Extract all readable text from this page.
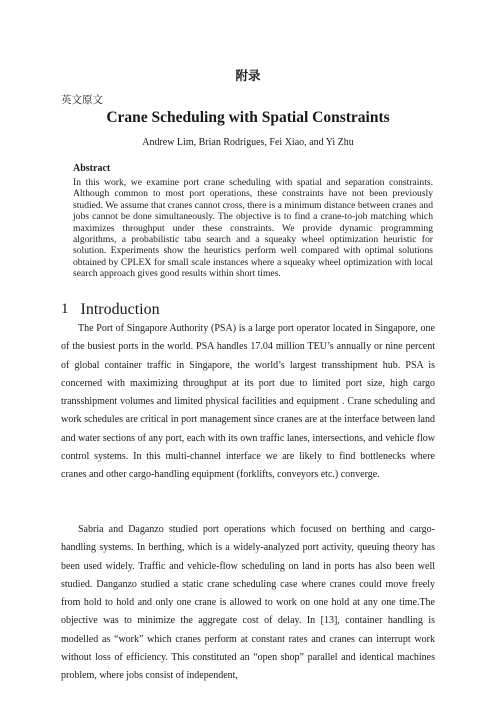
附录
英文原文
Crane Scheduling with Spatial Constraints
Andrew Lim, Brian Rodrigues, Fei Xiao, and Yi Zhu
Abstract

In this work, we examine port crane scheduling with spatial and separation constraints. Although common to most port operations, these constraints have not been previously studied. We assume that cranes cannot cross, there is a minimum distance between cranes and jobs cannot be done simultaneously. The objective is to find a crane-to-job matching which maximizes throughput under these constraints. We provide dynamic programming algorithms, a probabilistic tabu search and a squeaky wheel optimization heuristic for solution. Experiments show the heuristics perform well compared with optimal solutions obtained by CPLEX for small scale instances where a squeaky wheel optimization with local search approach gives good results within short times.

1 Introduction

The Port of Singapore Authority (PSA) is a large port operator located in Singapore, one of the busiest ports in the world. PSA handles 17.04 million TEU’s annually or nine percent of global container traffic in Singapore, the world’s largest transshipment hub. PSA is concerned with maximizing throughput at its port due to limited port size, high cargo transshipment volumes and limited physical facilities and equipment . Crane scheduling and work schedules are critical in port management since cranes are at the interface between land and water sections of any port, each with its own traffic lanes, intersections, and vehicle flow control systems. In this multi-channel interface we are likely to find bottlenecks where cranes and other cargo-handling equipment (forklifts, conveyors etc.) converge.

Sabria and Daganzo studied port operations which focused on berthing and cargo-handling systems. In berthing, which is a widely-analyzed port activity, queuing theory has been used widely. Traffic and vehicle-flow scheduling on land in ports has also been well studied. Danganzo studied a static crane scheduling case where cranes could move freely from hold to hold and only one crane is allowed to work on one hold at any one time.The objective was to minimize the aggregate cost of delay. In [13], container handling is modelled as “work” which cranes perform at constant rates and cranes can interrupt work without loss of efficiency. This constituted an “open shop” parallel and identical machines problem, where jobs consist of independent,
